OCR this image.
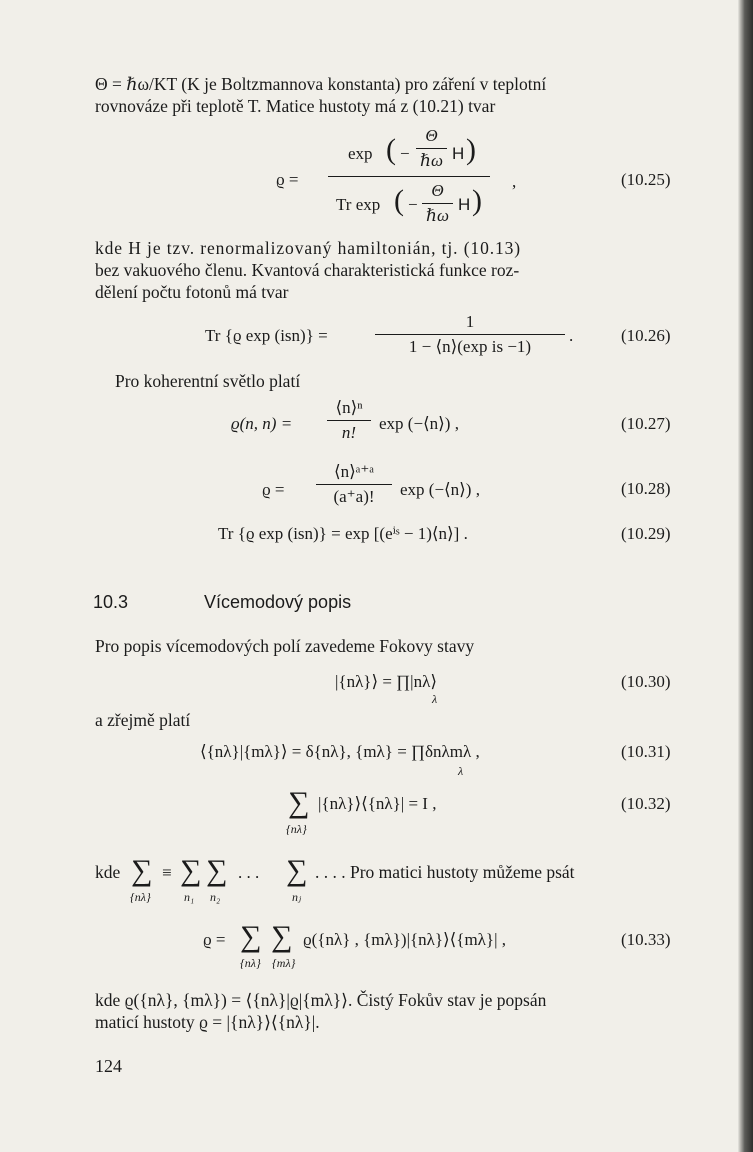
Θ = ℏω/KT (K je Boltzmannova konstanta) pro záření v teplotní
rovnováze při teplotě T. Matice hustoty má z (10.21) tvar
ϱ =
exp ( −
Θ
ℏω H )
Tr exp ( −
Θ
ℏω
H )
,	(10.25)
kde H je tzv. renormalizovaný hamiltonián, tj. (10.13)
bez vakuového členu. Kvantová charakteristická funkce roz-
dělení počtu fotonů má tvar
Tr {ϱ exp (isn)} =	$\frac{1}{\text{1 − ⟨n⟩(exp is −1)}}$ .	(10.26)
Pro koherentní světlo platí
ϱ(n, $n) = \frac{\text{⟨n⟩ⁿ}}{n!}$ exp (−⟨n⟩) ,	(10.27)
$ϱ = \frac{\text{⟨n⟩ᵃ⁺ᵃ}}{(a^+a)!}$ exp (−⟨n⟩) ,	(10.28)
Tr {ϱ exp (isn)} = exp [(eⁱˢ − 1)⟨n⟩] .	(10.29)
10.3	Vícemodový popis
Pro popis vícemodových polí zavedeme Fokovy stavy
|{nλ}⟩ = ∏|nλ⟩
λ
(10.30)
a zřejmě platí
⟨{nλ}|{mλ}⟩ = δ{nλ}, {mλ} = ∏δnλmλ ,
λ
(10.31)
∑ |{nλ}⟩⟨{nλ}| = I ,
{nλ}
(10.32)
kde ∑
{nλ}
≡ ∑
n₁
∑
n₂
. . . ∑
nⱼ
. . . . Pro matici hustoty můžeme psát
ϱ = ∑
{nλ}
∑
{mλ}
ϱ({nλ} , {mλ})|{nλ}⟩⟨{mλ}| ,	(10.33)
kde ϱ({nλ}, {mλ}) = ⟨{nλ}|ϱ|{mλ}⟩. Čistý Fokův stav je popsán
maticí hustoty ϱ = |{nλ}⟩⟨{nλ}|.
124
